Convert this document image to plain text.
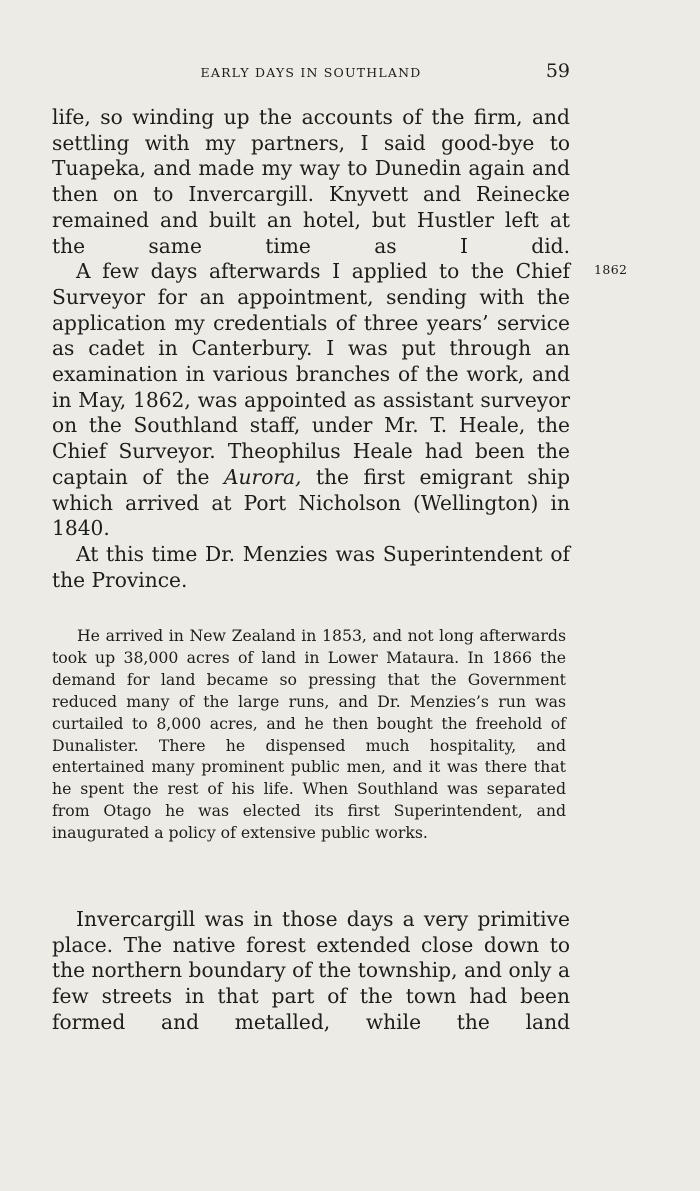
EARLY DAYS IN SOUTHLAND	59
1862

life, so winding up the accounts of the firm, and settling with my partners, I said good-bye to Tuapeka, and made my way to Dunedin again and then on to Invercargill. Knyvett and Reinecke remained and built an hotel, but Hustler left at the same time as I did.

A few days afterwards I applied to the Chief Surveyor for an appointment, sending with the application my credentials of three years’ service as cadet in Canterbury. I was put through an examination in various branches of the work, and in May, 1862, was appointed as assistant surveyor on the Southland staff, under Mr. T. Heale, the Chief Surveyor. Theophilus Heale had been the captain of the Aurora, the first emigrant ship which arrived at Port Nicholson (Wellington) in 1840.

At this time Dr. Menzies was Superintendent of the Province.

He arrived in New Zealand in 1853, and not long afterwards took up 38,000 acres of land in Lower Mataura. In 1866 the demand for land became so pressing that the Government reduced many of the large runs, and Dr. Menzies’s run was curtailed to 8,000 acres, and he then bought the freehold of Dunalister. There he dispensed much hospitality, and entertained many prominent public men, and it was there that he spent the rest of his life. When Southland was separated from Otago he was elected its first Superintendent, and inaugurated a policy of extensive public works.

Invercargill was in those days a very primitive place. The native forest extended close down to the northern boundary of the township, and only a few streets in that part of the town had been formed and metalled, while the land
